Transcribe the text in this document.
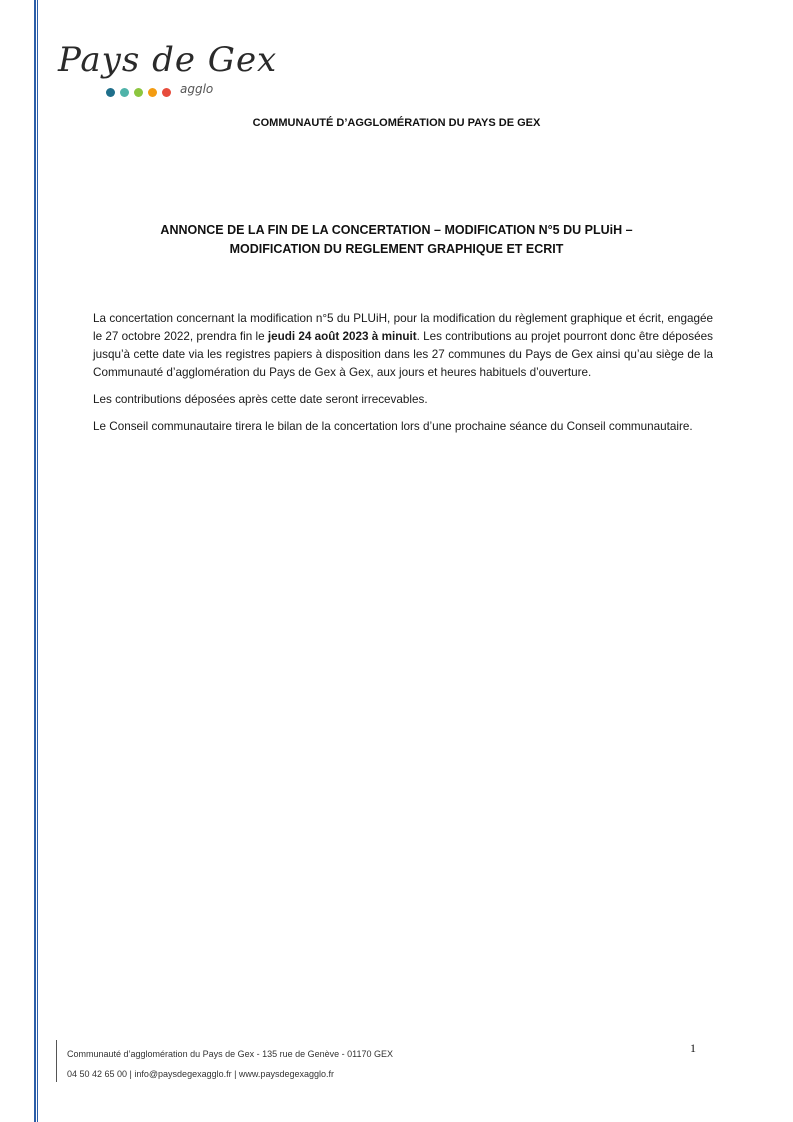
Pays de Gex
agglo
COMMUNAUTÉ D’AGGLOMÉRATION DU PAYS DE GEX
ANNONCE DE LA FIN DE LA CONCERTATION – MODIFICATION N°5 DU PLUiH –
MODIFICATION DU REGLEMENT GRAPHIQUE ET ECRIT

La concertation concernant la modification n°5 du PLUiH, pour la modification du règlement graphique et écrit, engagée le 27 octobre 2022, prendra fin le jeudi 24 août 2023 à minuit. Les contributions au projet pourront donc être déposées jusqu’à cette date via les registres papiers à disposition dans les 27 communes du Pays de Gex ainsi qu’au siège de la Communauté d’agglomération du Pays de Gex à Gex, aux jours et heures habituels d’ouverture.

Les contributions déposées après cette date seront irrecevables.

Le Conseil communautaire tirera le bilan de la concertation lors d’une prochaine séance du Conseil communautaire.

Communauté d’agglomération du Pays de Gex - 135 rue de Genève - 01170 GEX
04 50 42 65 00 | info@paysdegexagglo.fr | www.paysdegexagglo.fr
1
